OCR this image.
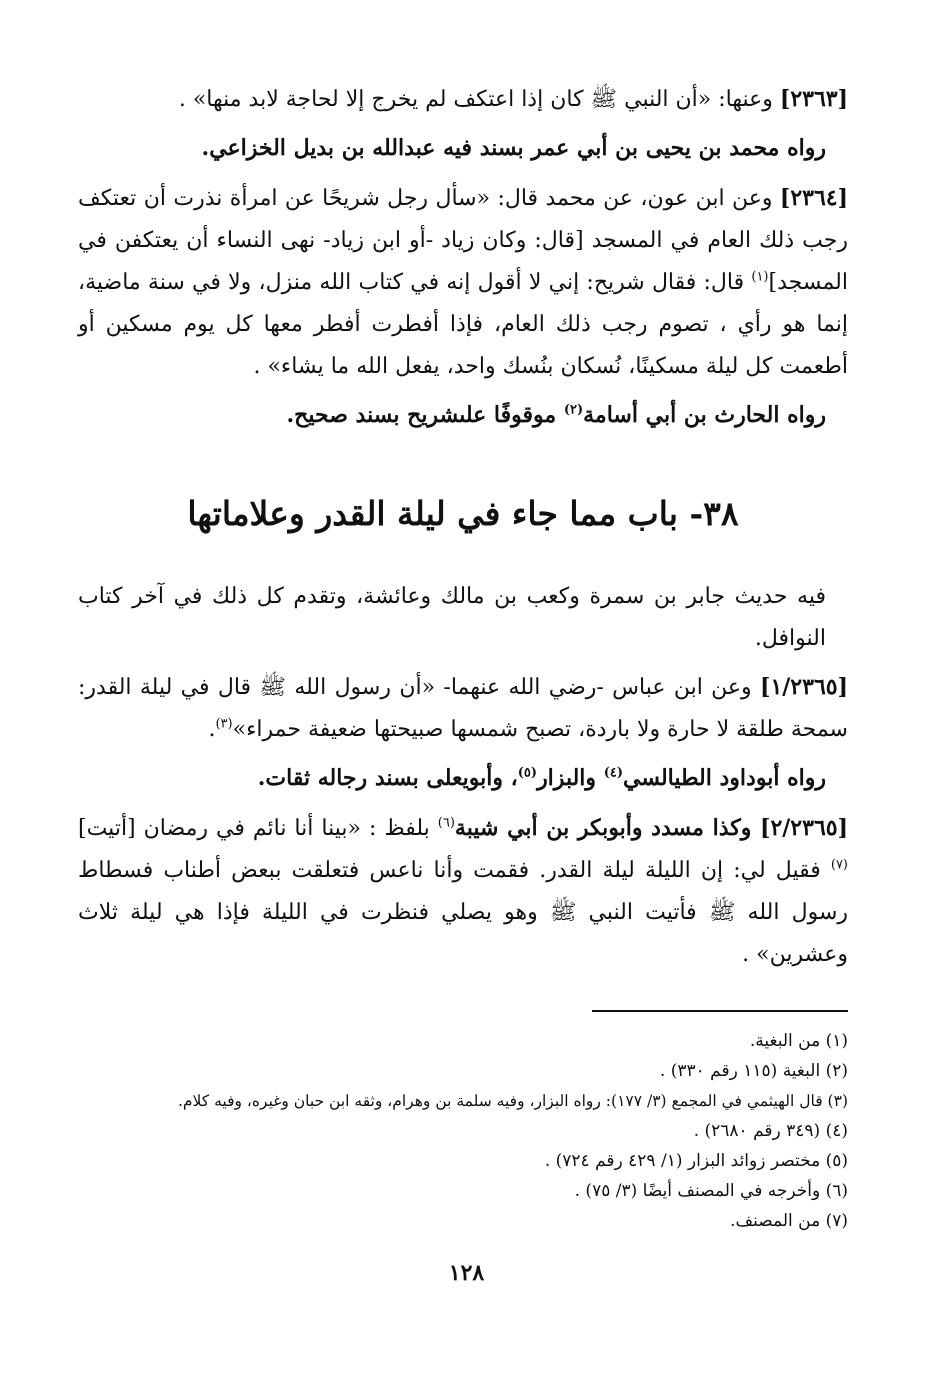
[٢٣٦٣] وعنها: «أن النبي ﷺ كان إذا اعتكف لم يخرج إلا لحاجة لابد منها» .

رواه محمد بن يحيى بن أبي عمر بسند فيه عبدالله بن بديل الخزاعي.

[٢٣٦٤] وعن ابن عون، عن محمد قال: «سأل رجل شريحًا عن امرأة نذرت أن تعتكف رجب ذلك العام في المسجد [قال: وكان زياد -أو ابن زياد- نهى النساء أن يعتكفن في المسجد]$^{(١)}$ قال: فقال شريح: إني لا أقول إنه في كتاب الله منزل، ولا في سنة ماضية، إنما هو رأي ، تصوم رجب ذلك العام، فإذا أفطرت أفطر معها كل يوم مسكين أو أطعمت كل ليلة مسكينًا، نُسكان بنُسك واحد، يفعل الله ما يشاء» .

رواه الحارث بن أبي أسامة$^{(٢)}$ موقوفًا علىشريح بسند صحيح.

٣٨- باب مما جاء في ليلة القدر وعلاماتها

فيه حديث جابر بن سمرة وكعب بن مالك وعائشة، وتقدم كل ذلك في آخر كتاب النوافل.

[١/٢٣٦٥] وعن ابن عباس -رضي الله عنهما- «أن رسول الله ﷺ قال في ليلة القدر: سمحة طلقة لا حارة ولا باردة، تصبح شمسها صبيحتها ضعيفة حمراء»$^{(٣)}$.

رواه أبوداود الطيالسي$^{(٤)}$ والبزار$^{(٥)}$، وأبويعلى بسند رجاله ثقات.

[٢/٢٣٦٥] وكذا مسدد وأبوبكر بن أبي شيبة$^{(٦)}$ بلفظ : «بينا أنا نائم في رمضان [أتيت]$^{(٧)}$ فقيل لي: إن الليلة ليلة القدر. فقمت وأنا ناعس فتعلقت ببعض أطناب فسطاط رسول الله ﷺ فأتيت النبي ﷺ وهو يصلي فنظرت في الليلة فإذا هي ليلة ثلاث وعشرين» .

(١) من البغية.

(٢) البغية (١١٥ رقم ٣٣٠) .

(٣) قال الهيثمي في المجمع (٣/ ١٧٧): رواه البزار، وفيه سلمة بن وهرام، وثقه ابن حبان وغيره، وفيه كلام.

(٤) (٣٤٩ رقم ٢٦٨٠) .

(٥) مختصر زوائد البزار (١/ ٤٢٩ رقم ٧٢٤) .

(٦) وأخرجه في المصنف أيضًا (٣/ ٧٥) .

(٧) من المصنف.

١٢٨
